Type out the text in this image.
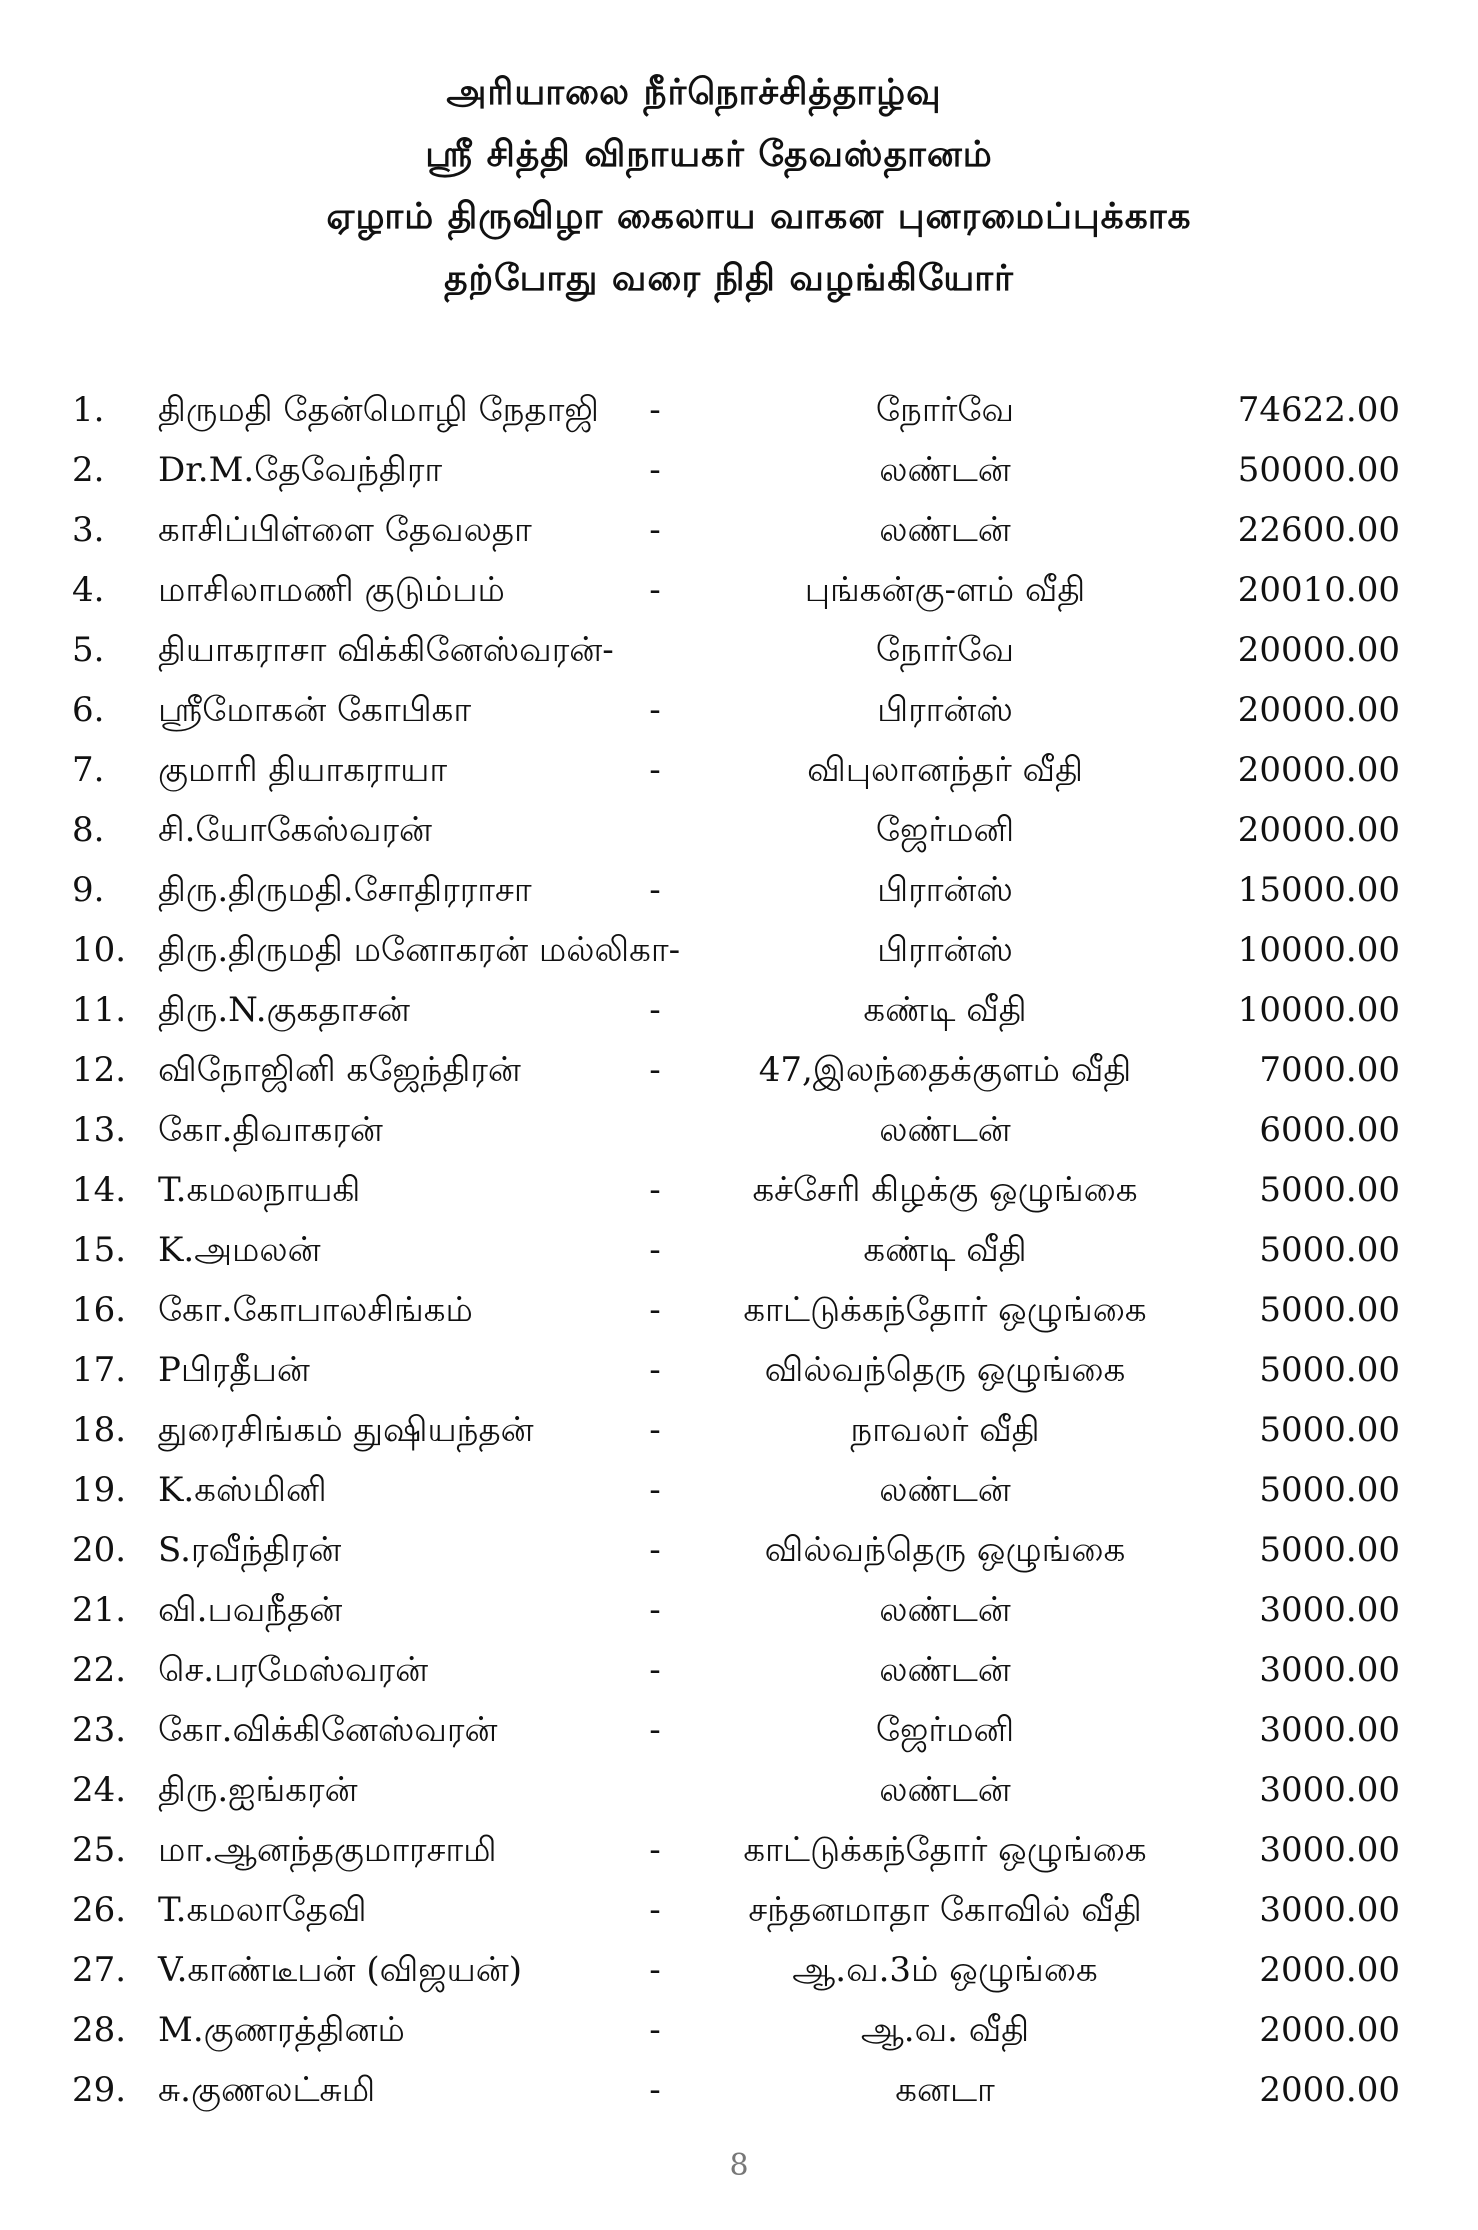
அரியாலை நீர்நொச்சித்தாழ்வு
ஸ்ரீ சித்தி விநாயகர் தேவஸ்தானம்
ஏழாம் திருவிழா கைலாய வாகன புனரமைப்புக்காக
தற்போது வரை நிதி வழங்கியோர்
1.	திருமதி தேன்மொழி நேதாஜி -	நோர்வே	74622.00
2.	Dr.M.தேவேந்திரா	-	லண்டன்	50000.00
3.	காசிப்பிள்ளை தேவலதா	-	லண்டன்	22600.00
4.	மாசிலாமணி குடும்பம்	-	புங்கன்கு-ளம் வீதி	20010.00
5.	தியாகராசா விக்கினேஸ்வரன்-	நோர்வே	20000.00
6.	ஸ்ரீமோகன் கோபிகா	-	பிரான்ஸ்	20000.00
7.	குமாரி தியாகராயா	-	விபுலானந்தர் வீதி	20000.00
8.	சி.யோகேஸ்வரன்	ஜேர்மனி	20000.00
9.	திரு.திருமதி.சோதிரராசா	-	பிரான்ஸ்	15000.00
10. திரு.திருமதி மனோகரன் மல்லிகா-	பிரான்ஸ்	10000.00
11. திரு.N.குகதாசன்	-	கண்டி வீதி	10000.00
12. விநோஜினி கஜேந்திரன்	-	47,இலந்தைக்குளம் வீதி	7000.00
13. கோ.திவாகரன்	லண்டன்	6000.00
14. T.கமலநாயகி	-	கச்சேரி கிழக்கு ஒழுங்கை	5000.00
15. K.அமலன்	-	கண்டி வீதி	5000.00
16. கோ.கோபாலசிங்கம்	-	காட்டுக்கந்தோர் ஒழுங்கை	5000.00
17. Pபிரதீபன்	-	வில்வந்தெரு ஒழுங்கை	5000.00
18. துரைசிங்கம் துஷியந்தன்	-	நாவலர் வீதி	5000.00
19. K.கஸ்மினி	-	லண்டன்	5000.00
20. S.ரவீந்திரன்	-	வில்வந்தெரு ஒழுங்கை	5000.00
21. வி.பவநீதன்	-	லண்டன்	3000.00
22. செ.பரமேஸ்வரன்	-	லண்டன்	3000.00
23. கோ.விக்கினேஸ்வரன்	-	ஜேர்மனி	3000.00
24. திரு.ஐங்கரன்	லண்டன்	3000.00
25. மா.ஆனந்தகுமாரசாமி	-	காட்டுக்கந்தோர் ஒழுங்கை	3000.00
26. T.கமலாதேவி	-	சந்தனமாதா கோவில் வீதி	3000.00
27. V.காண்டீபன் (விஜயன்)	-	ஆ.வ.3ம் ஒழுங்கை	2000.00
28. M.குணரத்தினம்	-	ஆ.வ. வீதி	2000.00
29. சு.குணலட்சுமி	-	கனடா	2000.00
8
